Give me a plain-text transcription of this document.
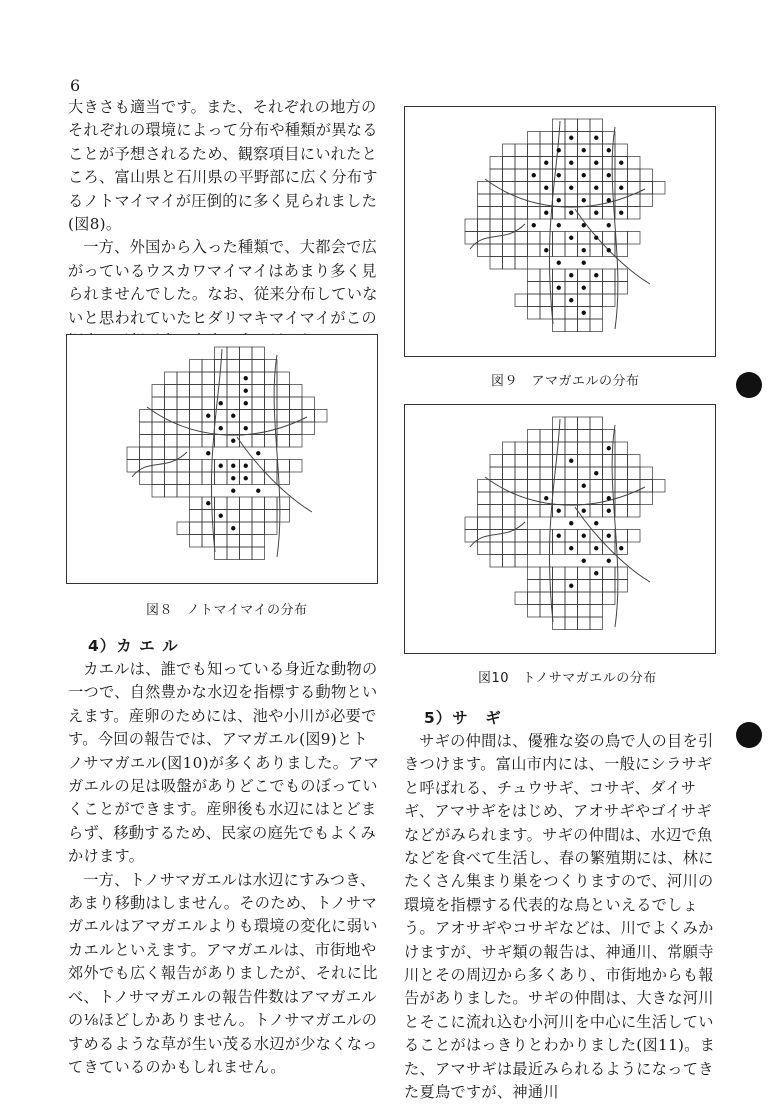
6

大きさも適当です。また、それぞれの地方のそれぞれの環境によって分布や種類が異なることが予想されるため、観察項目にいれたところ、富山県と石川県の平野部に広く分布するノトマイマイが圧倒的に多く見られました(図8)。

一方、外国から入った種類で、大都会で広がっているウスカワマイマイはあまり多く見られませんでした。なお、従来分布していないと思われていたヒダリマキマイマイがこの

図８　ノトマイマイの分布
4）カ エ ル

カエルは、誰でも知っている身近な動物の一つで、自然豊かな水辺を指標する動物といえます。産卵のためには、池や小川が必要です。今回の報告では、アマガエル(図9)とトノサマガエル(図10)が多くありました。アマガエルの足は吸盤がありどこでものぼっていくことができます。産卵後も水辺にはとどまらず、移動するため、民家の庭先でもよくみかけます。

一方、トノサマガエルは水辺にすみつき、あまり移動はしません。そのため、トノサマガエルはアマガエルよりも環境の変化に弱いカエルといえます。アマガエルは、市街地や郊外でも広く報告がありましたが、それに比べ、トノサマガエルの報告件数はアマガエルの⅛ほどしかありません。トノサマガエルのすめるような草が生い茂る水辺が少なくなってきているのかもしれません。

図９　アマガエルの分布
図10　トノサマガエルの分布
5）サ　ギ

サギの仲間は、優雅な姿の鳥で人の目を引きつけます。富山市内には、一般にシラサギと呼ばれる、チュウサギ、コサギ、ダイサギ、アマサギをはじめ、アオサギやゴイサギなどがみられます。サギの仲間は、水辺で魚などを食べて生活し、春の繁殖期には、林にたくさん集まり巣をつくりますので、河川の環境を指標する代表的な鳥といえるでしょう。アオサギやコサギなどは、川でよくみかけますが、サギ類の報告は、神通川、常願寺川とその周辺から多くあり、市街地からも報告がありました。サギの仲間は、大きな河川とそこに流れ込む小河川を中心に生活していることがはっきりとわかりました(図11)。また、アマサギは最近みられるようになってきた夏鳥ですが、神通川
